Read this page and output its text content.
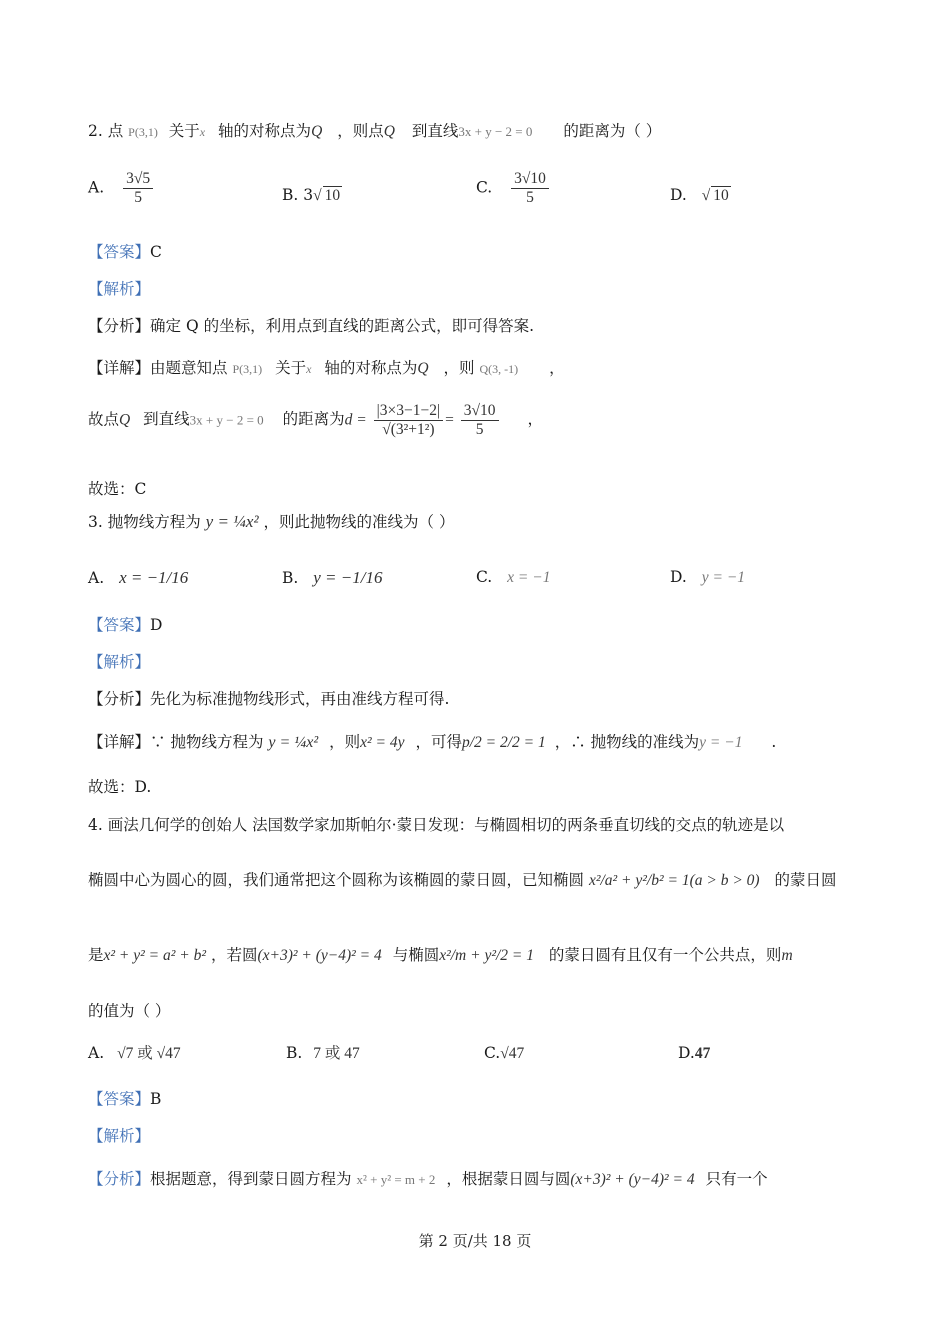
2. 点 P(3,1) 关于x 轴的对称点为Q ，则点Q 到直线3x + y − 2 = 0 的距离为（ ）
A. $\frac{3√5}{5}$	B. 3√ 10	C. $\frac{3√10}{5}$	D. √ 10
【答案】C
【解析】
【分析】确定 Q 的坐标，利用点到直线的距离公式，即可得答案.
【详解】由题意知点 P(3,1) 关于x 轴的对称点为Q ，则 Q(3, -1) ，
故点Q 到直线3x + y − 2 = 0 的距离为$d = \frac{|3\times 3-1-2|}{\text{√(3²+1²)}} = \frac{3√10}{5}$ ，
故选：C
3. 抛物线方程为 y = ¼x² ，则此抛物线的准线为（ ）
A. x = −1/16	B. y = −1/16	C. x = −1	D. y = −1
【答案】D
【解析】
【分析】先化为标准抛物线形式，再由准线方程可得.
【详解】∵ 抛物线方程为 y = ¼x² ，则x² = 4y ，可得p/2 = 2/2 = 1 ，∴ 抛物线的准线为y = −1 .
故选：D.
4. 画法几何学的创始人 法国数学家加斯帕尔·蒙日发现：与椭圆相切的两条垂直切线的交点的轨迹是以
椭圆中心为圆心的圆，我们通常把这个圆称为该椭圆的蒙日圆，已知椭圆 x²/a² + y²/b² = 1(a > b > 0) 的蒙日圆
是x² + y² = a² + b² ，若圆(x+3)² + (y−4)² = 4 与椭圆x²/m + y²/2 = 1 的蒙日圆有且仅有一个公共点，则m
的值为（ ）
A. √7 或 √47	B. 7 或 47	C.√47	D.47
【答案】B
【解析】
【分析】根据题意，得到蒙日圆方程为 x² + y² = m + 2 ，根据蒙日圆与圆(x+3)² + (y−4)² = 4 只有一个
第 2 页/共 18 页
